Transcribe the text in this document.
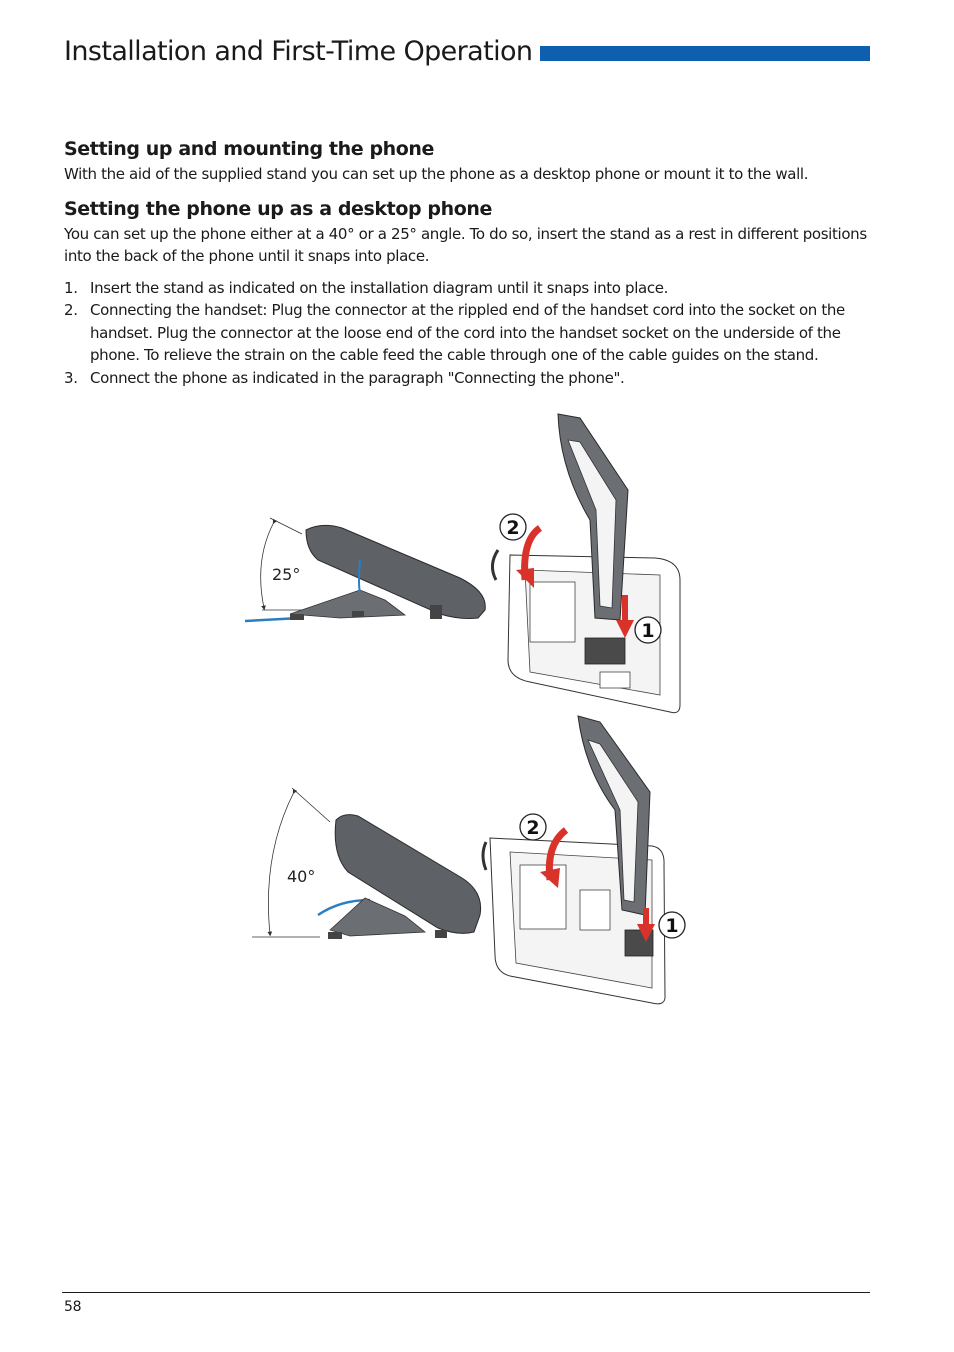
Installation and First-Time Operation
Setting up and mounting the phone

With the aid of the supplied stand you can set up the phone as a desktop phone or mount it to the wall.

Setting the phone up as a desktop phone

You can set up the phone either at a 40° or a 25° angle. To do so, insert the stand as a rest in different positions into the back of the phone until it snaps into place.

1. Insert the stand as indicated on the installation diagram until it snaps into place.
2. Connecting the handset: Plug the connector at the rippled end of the handset cord into the socket on the handset. Plug the connector at the loose end of the cord into the handset socket on the underside of the phone. To relieve the strain on the cable feed the cable through one of the cable guides on the stand.
3. Connect the phone as indicated in the paragraph "Connecting the phone".
25°
2
1
40°
2
1
58
